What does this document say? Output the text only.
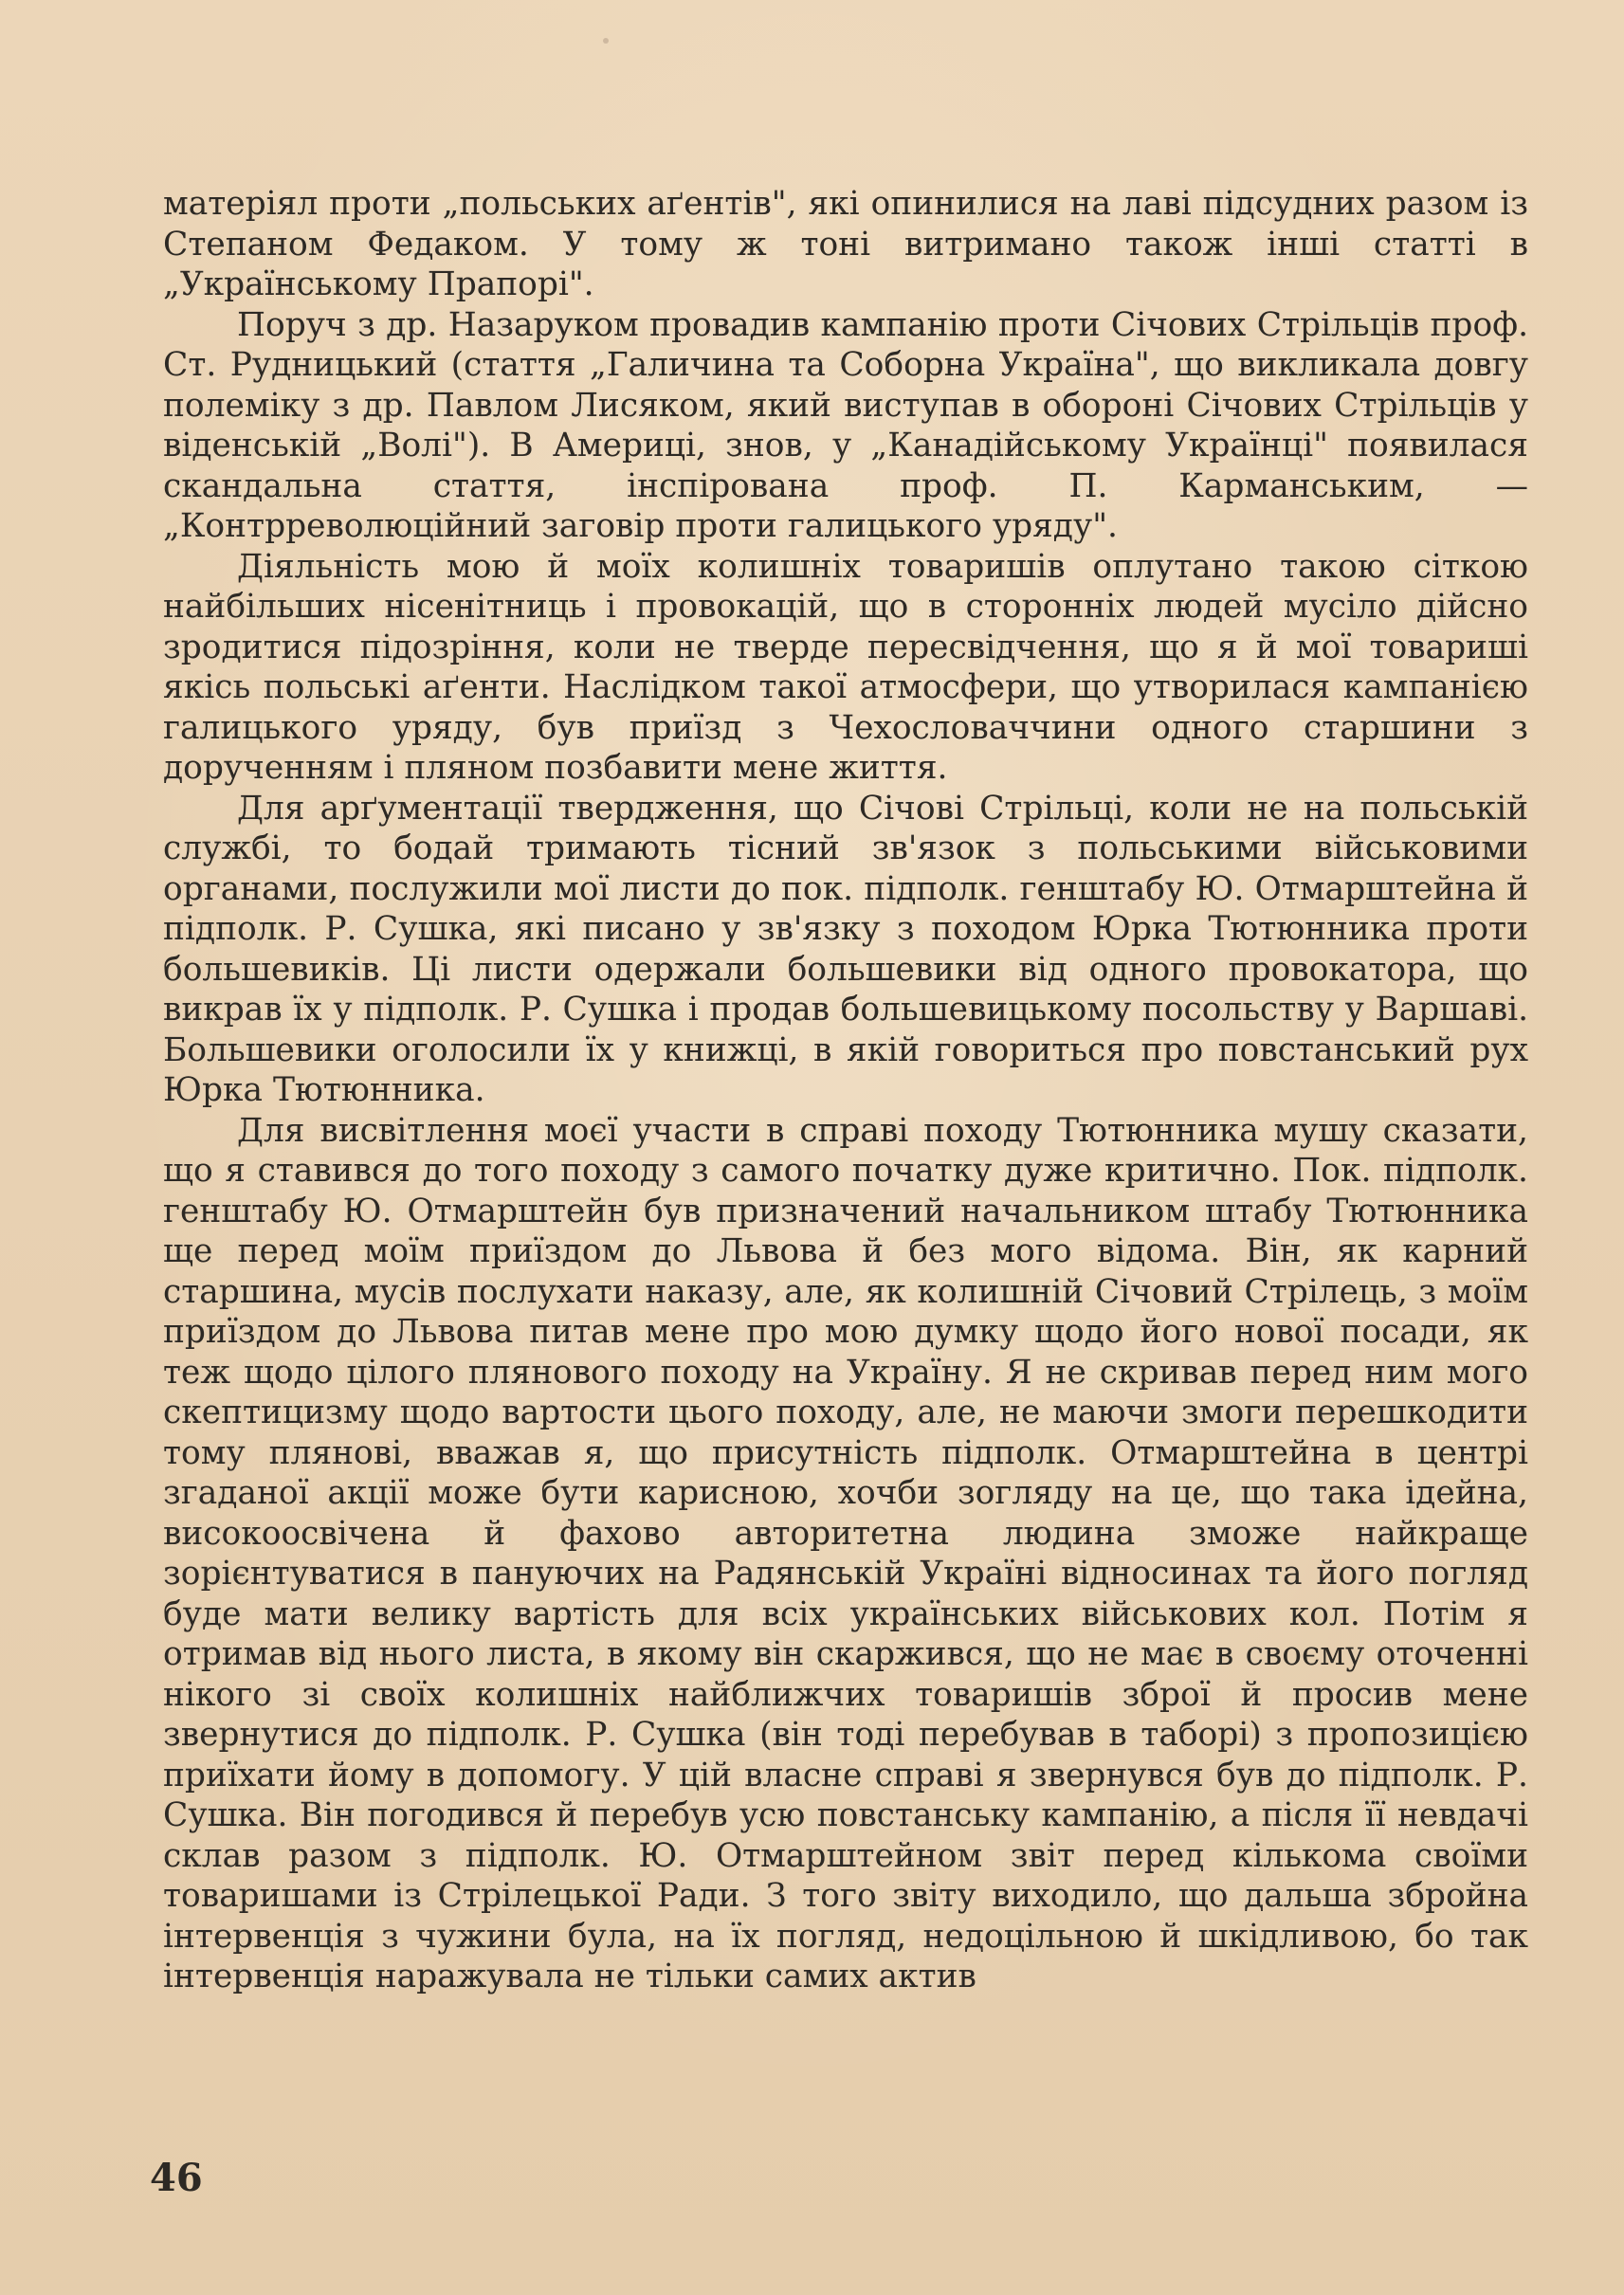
матеріял проти „польських аґентів", які опинилися на лаві підсудних разом із Степаном Федаком. У тому ж тоні витримано також інші статті в „Українському Прапорі".

Поруч з др. Назаруком провадив кампанію проти Січових Стрільців проф. Ст. Рудницький (стаття „Галичина та Соборна Україна", що викликала довгу полеміку з др. Павлом Лисяком, який виступав в обороні Січових Стрільців у віденській „Волі"). В Америці, знов, у „Канадійському Українці" появилася скандальна стаття, інспірована проф. П. Карманським, — „Контрреволюційний заговір проти галицького уряду".

Діяльність мою й моїх колишніх товаришів оплутано такою сіткою найбільших нісенітниць і провокацій, що в сторонніх людей мусіло дійсно зродитися підозріння, коли не тверде пересвідчення, що я й мої товариші якісь польські аґенти. Наслідком такої атмосфери, що утворилася кампанією галицького уряду, був приїзд з Чехословаччини одного старшини з дорученням і пляном позбавити мене життя.

Для арґументації твердження, що Січові Стрільці, коли не на польській службі, то бодай тримають тісний зв'язок з польськими військовими органами, послужили мої листи до пок. підполк. генштабу Ю. Отмарштейна й підполк. Р. Сушка, які писано у зв'язку з походом Юрка Тютюнника проти большевиків. Ці листи одержали большевики від одного провокатора, що викрав їх у підполк. Р. Сушка і продав большевицькому посольству у Варшаві. Большевики оголосили їх у книжці, в якій говориться про повстанський рух Юрка Тютюнника.

Для висвітлення моєї участи в справі походу Тютюнника мушу сказати, що я ставився до того походу з самого початку дуже критично. Пок. підполк. генштабу Ю. Отмарштейн був призначений начальником штабу Тютюнника ще перед моїм приїздом до Львова й без мого відома. Він, як карний старшина, мусів послухати наказу, але, як колишній Січовий Стрілець, з моїм приїздом до Львова питав мене про мою думку щодо його нової посади, як теж щодо цілого плянового походу на Україну. Я не скривав перед ним мого скептицизму щодо вартости цього походу, але, не маючи змоги перешкодити тому плянові, вважав я, що присутність підполк. Отмарштейна в центрі згаданої акції може бути карисною, хочби зогляду на це, що така ідейна, високоосвічена й фахово авторитетна людина зможе найкраще зорієнтуватися в пануючих на Радянській Україні відносинах та його погляд буде мати велику вартість для всіх українських військових кол. Потім я отримав від нього листа, в якому він скаржився, що не має в своєму оточенні нікого зі своїх колишніх найближчих товаришів зброї й просив мене звернутися до підполк. Р. Сушка (він тоді перебував в таборі) з пропозицією приїхати йому в допомогу. У цій власне справі я звернувся був до підполк. Р. Сушка. Він погодився й перебув усю повстанську кампанію, а після її невдачі склав разом з підполк. Ю. Отмарштейном звіт перед кількома своїми товаришами із Стрілецької Ради. З того звіту виходило, що дальша збройна інтервенція з чужини була, на їх погляд, недоцільною й шкідливою, бо так інтервенція наражувала не тільки самих актив

46
